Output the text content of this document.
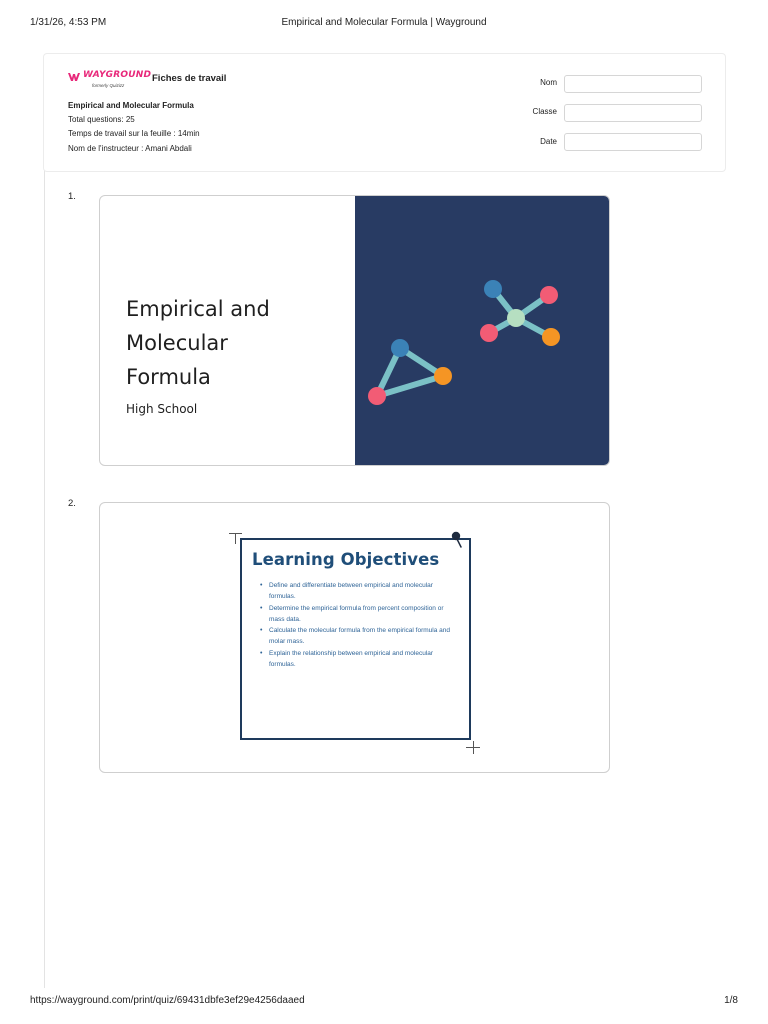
1/31/26, 4:53 PM	Empirical and Molecular Formula | Wayground
WAYGROUND
formerly Quizizz
Fiches de travail
Empirical and Molecular Formula
Total questions: 25
Temps de travail sur la feuille : 14min
Nom de l'instructeur : Amani Abdali
Nom
Classe
Date
1.
Empirical and
Molecular
Formula
High School
2.
Learning Objectives
• Define and differentiate between empirical and molecular formulas.
• Determine the empirical formula from percent composition or mass data.
• Calculate the molecular formula from the empirical formula and molar mass.
• Explain the relationship between empirical and molecular formulas.
https://wayground.com/print/quiz/69431dbfe3ef29e4256daaed	1/8
